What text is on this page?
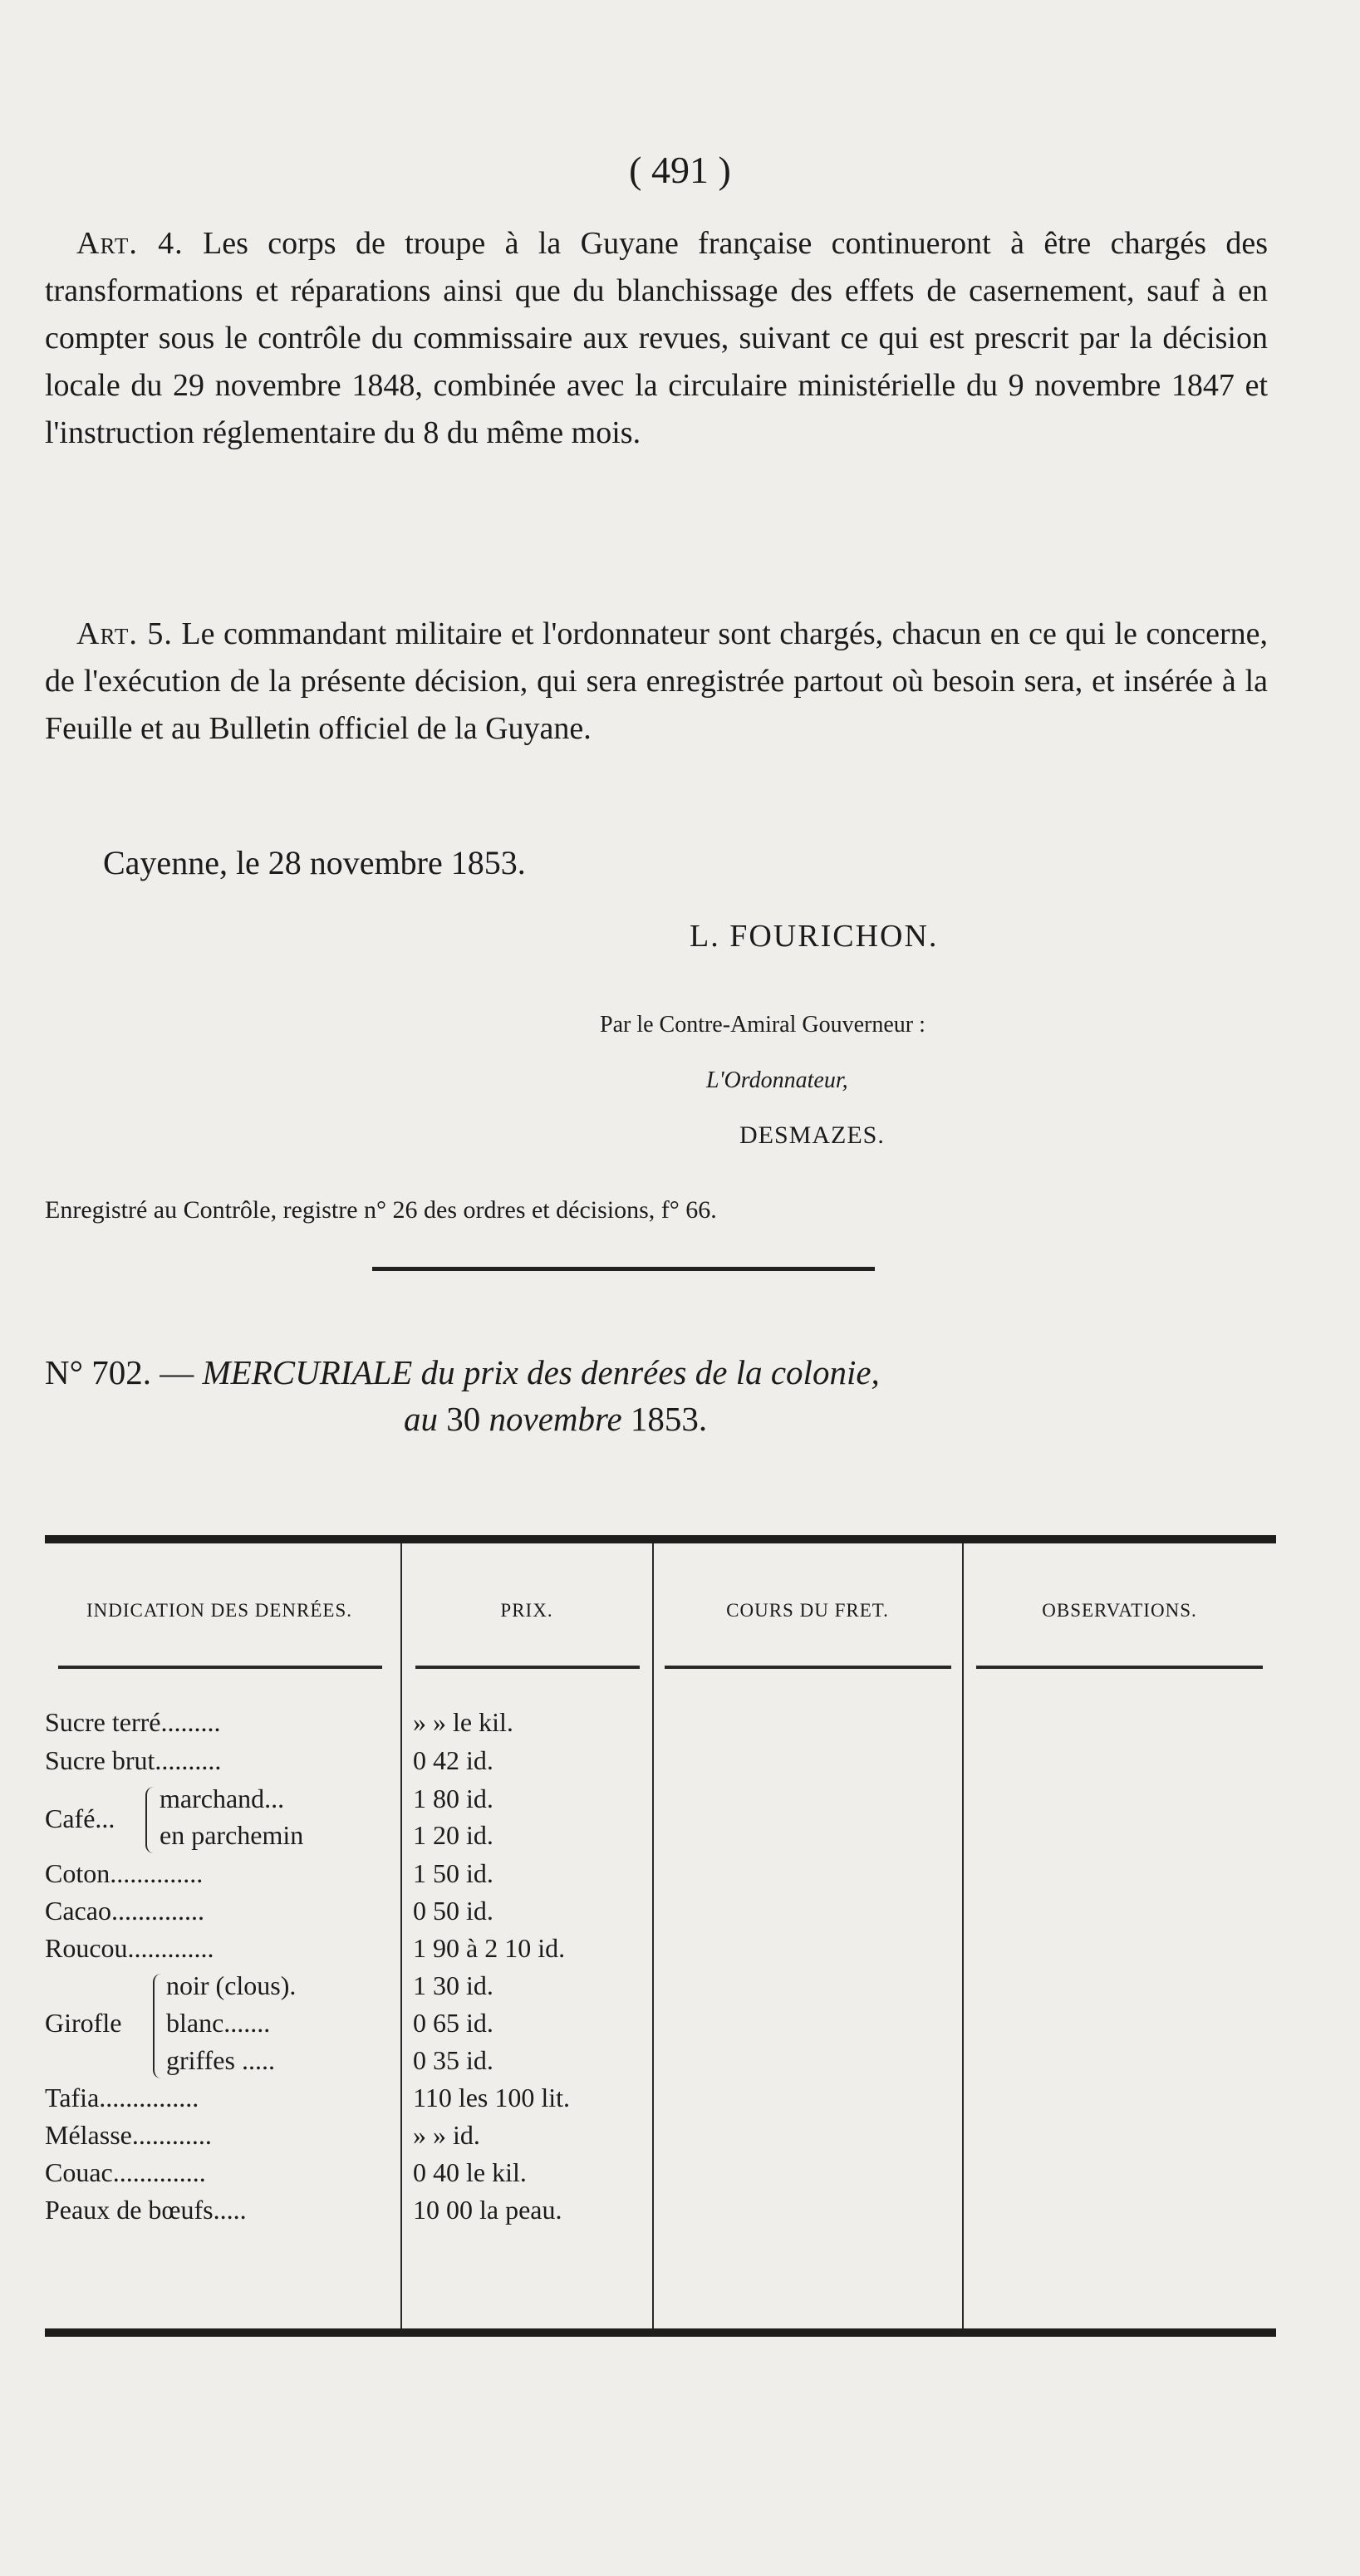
( 491 )

Art. 4. Les corps de troupe à la Guyane française continueront à être chargés des transformations et réparations ainsi que du blanchissage des effets de casernement, sauf à en compter sous le contrôle du commissaire aux revues, suivant ce qui est prescrit par la décision locale du 29 novembre 1848, combinée avec la circulaire ministérielle du 9 novembre 1847 et l'instruction réglementaire du 8 du même mois.

Art. 5. Le commandant militaire et l'ordonnateur sont chargés, chacun en ce qui le concerne, de l'exécution de la présente décision, qui sera enregistrée partout où besoin sera, et insérée à la Feuille et au Bulletin officiel de la Guyane.

Cayenne, le 28 novembre 1853.

L. FOURICHON.
Par le Contre-Amiral Gouverneur :
L'Ordonnateur,
DESMAZES.
Enregistré au Contrôle, registre n° 26 des ordres et décisions, f° 66.
N° 702. — MERCURIALE du prix des denrées de la colonie,
au 30 novembre 1853.
INDICATION DES DENRÉES.	PRIX.	COURS DU FRET.	OBSERVATIONS.
Sucre terré.........	» » le kil.
Sucre brut..........	0 42 id.
Café...
marchand...	1 80 id.
en parchemin	1 20 id.
Coton..............	1 50 id.
Cacao..............	0 50 id.
Roucou.............	1 90 à 2 10 id.
Girofle
noir (clous).	1 30 id.
blanc.......	0 65 id.
griffes .....	0 35 id.
Tafia...............	110 les 100 lit.
Mélasse............	» » id.
Couac..............	0 40 le kil.
Peaux de bœufs.....	10 00 la peau.
